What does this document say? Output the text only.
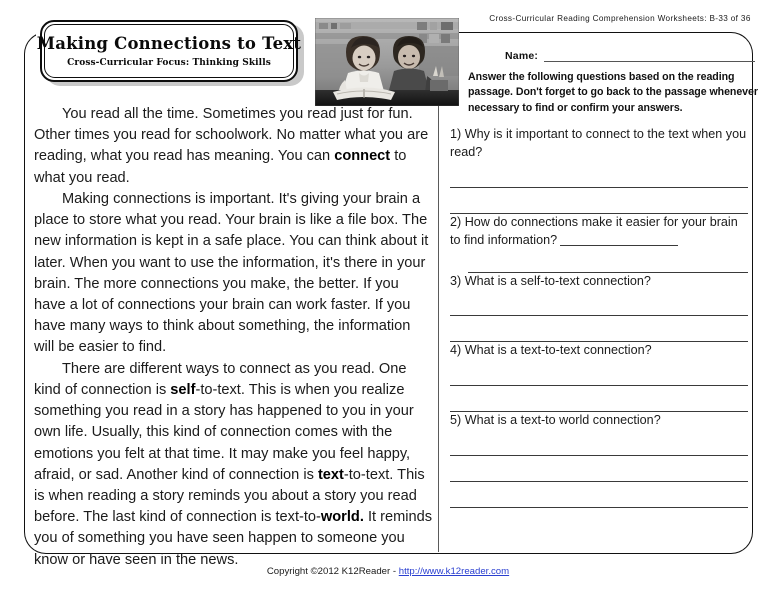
Cross-Curricular Reading Comprehension Worksheets: B-33 of 36
Making Connections to Text
Cross-Curricular Focus: Thinking Skills

You read all the time. Sometimes you read just for fun. Other times you read for schoolwork. No matter what you are reading, what you read has meaning. You can connect to what you read.

Making connections is important. It's giving your brain a place to store what you read. Your brain is like a file box. The new information is kept in a safe place. You can think about it later. When you want to use the information, it's there in your brain. The more connections you make, the better. If you have a lot of connections your brain can work faster. If you have many ways to think about something, the information will be easier to find.

There are different ways to connect as you read. One kind of connection is self-to-text. This is when you realize something you read in a story has happened to you in your own life. Usually, this kind of connection comes with the emotions you felt at that time. It may make you feel happy, afraid, or sad. Another kind of connection is text-to-text. This is when reading a story reminds you about a story you read before. The last kind of connection is text-to-world. It reminds you of something you have seen happen to someone you know or have seen in the news.

Name:
Answer the following questions based on the reading passage. Don't forget to go back to the passage whenever necessary to find or confirm your answers.
1) Why is it important to connect to the text when you read?
2) How do connections make it easier for your brain to find information?
3) What is a self-to-text connection?
4) What is a text-to-text connection?
5) What is a text-to world connection?
Copyright ©2012 K12Reader - http://www.k12reader.com
